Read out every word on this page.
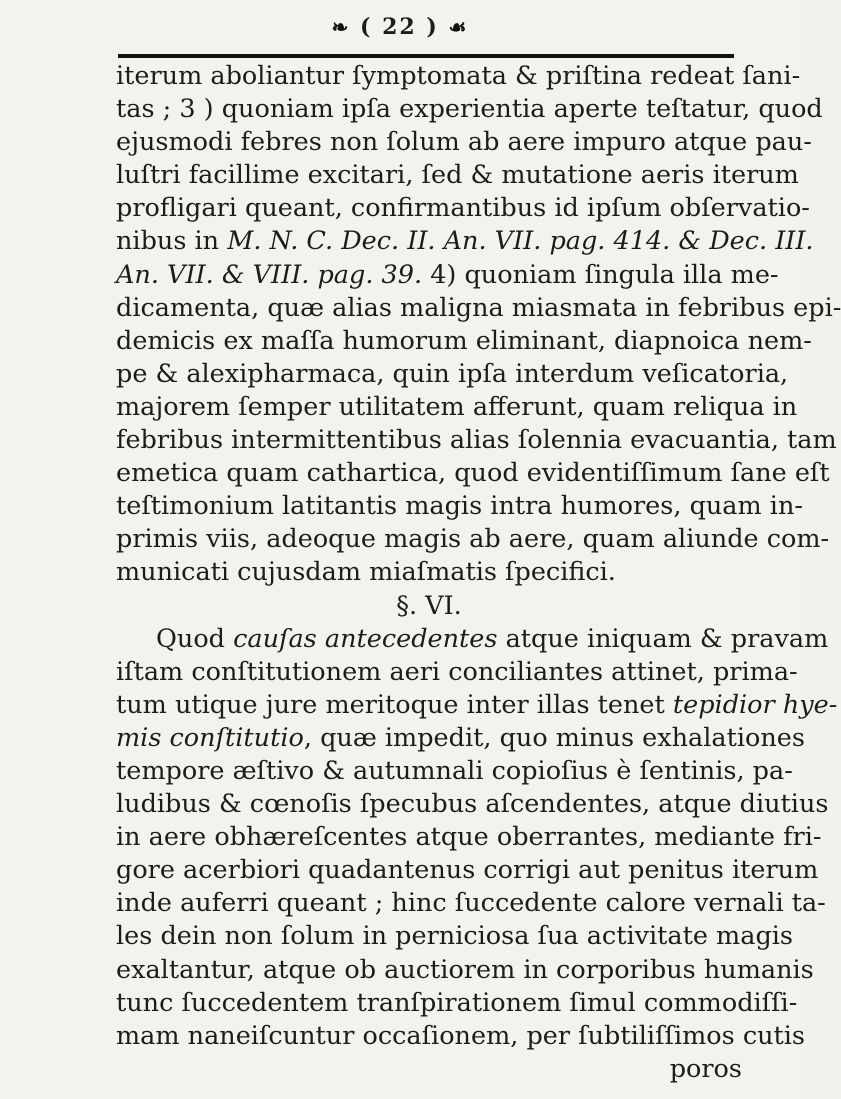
❧ ( 22 ) ☙
iterum aboliantur ſymptomata & priſtina redeat ſani-
tas ; 3 ) quoniam ipſa experientia aperte teſtatur, quod
ejusmodi febres non ſolum ab aere impuro atque pau-
luſtri facillime excitari, ſed & mutatione aeris iterum
profligari queant, confirmantibus id ipſum obſervatio-
nibus in M. N. C. Dec. II. An. VII. pag. 414. & Dec. III.
An. VII. & VIII. pag. 39. 4) quoniam ſingula illa me-
dicamenta, quæ alias maligna miasmata in febribus epi-
demicis ex maſſa humorum eliminant, diapnoica nem-
pe & alexipharmaca, quin ipſa interdum veſicatoria,
majorem ſemper utilitatem afferunt, quam reliqua in
febribus intermittentibus alias ſolennia evacuantia, tam
emetica quam cathartica, quod evidentiſſimum ſane eſt
teſtimonium latitantis magis intra humores, quam in-
primis viis, adeoque magis ab aere, quam aliunde com-
municati cujusdam miaſmatis ſpecifici.
§. VI.
Quod cauſas antecedentes atque iniquam & pravam
iſtam conſtitutionem aeri conciliantes attinet, prima-
tum utique jure meritoque inter illas tenet tepidior hye-
mis conſtitutio, quæ impedit, quo minus exhalationes
tempore æſtivo & autumnali copioſius è ſentinis, pa-
ludibus & cœnoſis ſpecubus aſcendentes, atque diutius
in aere obhæreſcentes atque oberrantes, mediante fri-
gore acerbiori quadantenus corrigi aut penitus iterum
inde auferri queant ; hinc ſuccedente calore vernali ta-
les dein non ſolum in perniciosa ſua activitate magis
exaltantur, atque ob auctiorem in corporibus humanis
tunc ſuccedentem tranſpirationem ſimul commodiſſi-
mam naneiſcuntur occaſionem, per ſubtiliſſimos cutis
poros
